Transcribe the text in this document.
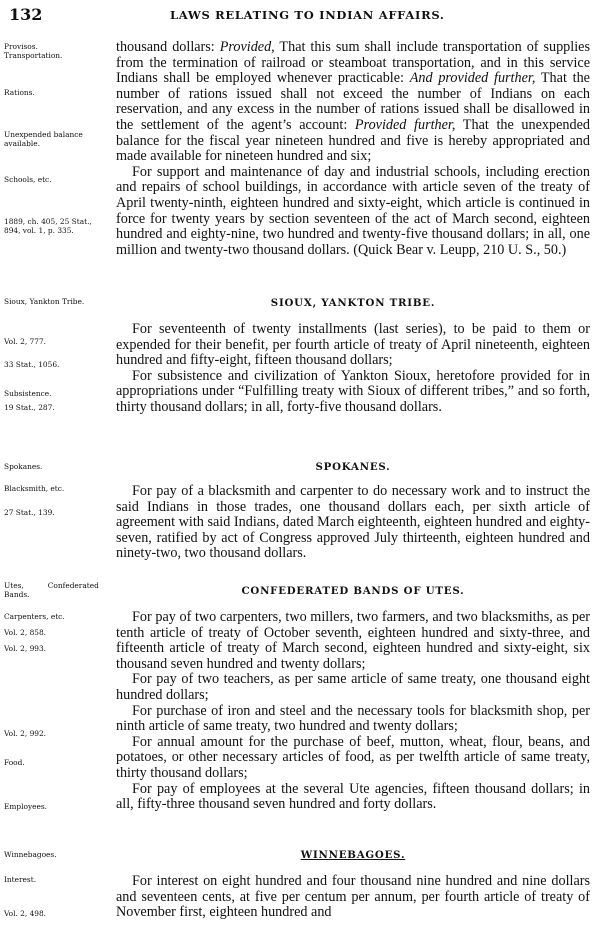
132	LAWS RELATING TO INDIAN AFFAIRS.
Provisos.
Transportation.
Rations.
Unexpended balance
available.
Schools, etc.
1889, ch. 405, 25 Stat.,
894, vol. 1, p. 335.
Sioux, Yankton Tribe.
Vol. 2, 777.
33 Stat., 1056.
Subsistence.
19 Stat., 287.
Spokanes.
Blacksmith, etc.
27 Stat., 139.
Utes,	Confederated
Bands.
Carpenters, etc.
Vol. 2, 858.
Vol. 2, 993.
Vol. 2, 992.
Food.
Employees.
Winnebagoes.
Interest.
Vol. 2, 498.

thousand dollars: Provided, That this sum shall include transportation of supplies from the termination of railroad or steamboat transportation, and in this service Indians shall be employed whenever practicable: And provided further, That the number of rations issued shall not exceed the number of Indians on each reservation, and any excess in the number of rations issued shall be disallowed in the settlement of the agent’s account: Provided further, That the unexpended balance for the fiscal year nineteen hundred and five is hereby appropriated and made available for nineteen hundred and six;

For support and maintenance of day and industrial schools, including erection and repairs of school buildings, in accordance with article seven of the treaty of April twenty-ninth, eighteen hundred and sixty-eight, which article is continued in force for twenty years by section seventeen of the act of March second, eighteen hundred and eighty-nine, two hundred and twenty-five thousand dollars; in all, one million and twenty-two thousand dollars. (Quick Bear v. Leupp, 210 U. S., 50.)

SIOUX, YANKTON TRIBE.

For seventeenth of twenty installments (last series), to be paid to them or expended for their benefit, per fourth article of treaty of April nineteenth, eighteen hundred and fifty-eight, fifteen thousand dollars;

For subsistence and civilization of Yankton Sioux, heretofore provided for in appropriations under “Fulfilling treaty with Sioux of different tribes,” and so forth, thirty thousand dollars; in all, forty-five thousand dollars.

SPOKANES.

For pay of a blacksmith and carpenter to do necessary work and to instruct the said Indians in those trades, one thousand dollars each, per sixth article of agreement with said Indians, dated March eighteenth, eighteen hundred and eighty-seven, ratified by act of Congress approved July thirteenth, eighteen hundred and ninety-two, two thousand dollars.

CONFEDERATED BANDS OF UTES.

For pay of two carpenters, two millers, two farmers, and two blacksmiths, as per tenth article of treaty of October seventh, eighteen hundred and sixty-three, and fifteenth article of treaty of March second, eighteen hundred and sixty-eight, six thousand seven hundred and twenty dollars;

For pay of two teachers, as per same article of same treaty, one thousand eight hundred dollars;

For purchase of iron and steel and the necessary tools for blacksmith shop, per ninth article of same treaty, two hundred and twenty dollars;

For annual amount for the purchase of beef, mutton, wheat, flour, beans, and potatoes, or other necessary articles of food, as per twelfth article of same treaty, thirty thousand dollars;

For pay of employees at the several Ute agencies, fifteen thousand dollars; in all, fifty-three thousand seven hundred and forty dollars.

WINNEBAGOES.

For interest on eight hundred and four thousand nine hundred and nine dollars and seventeen cents, at five per centum per annum, per fourth article of treaty of November first, eighteen hundred and
